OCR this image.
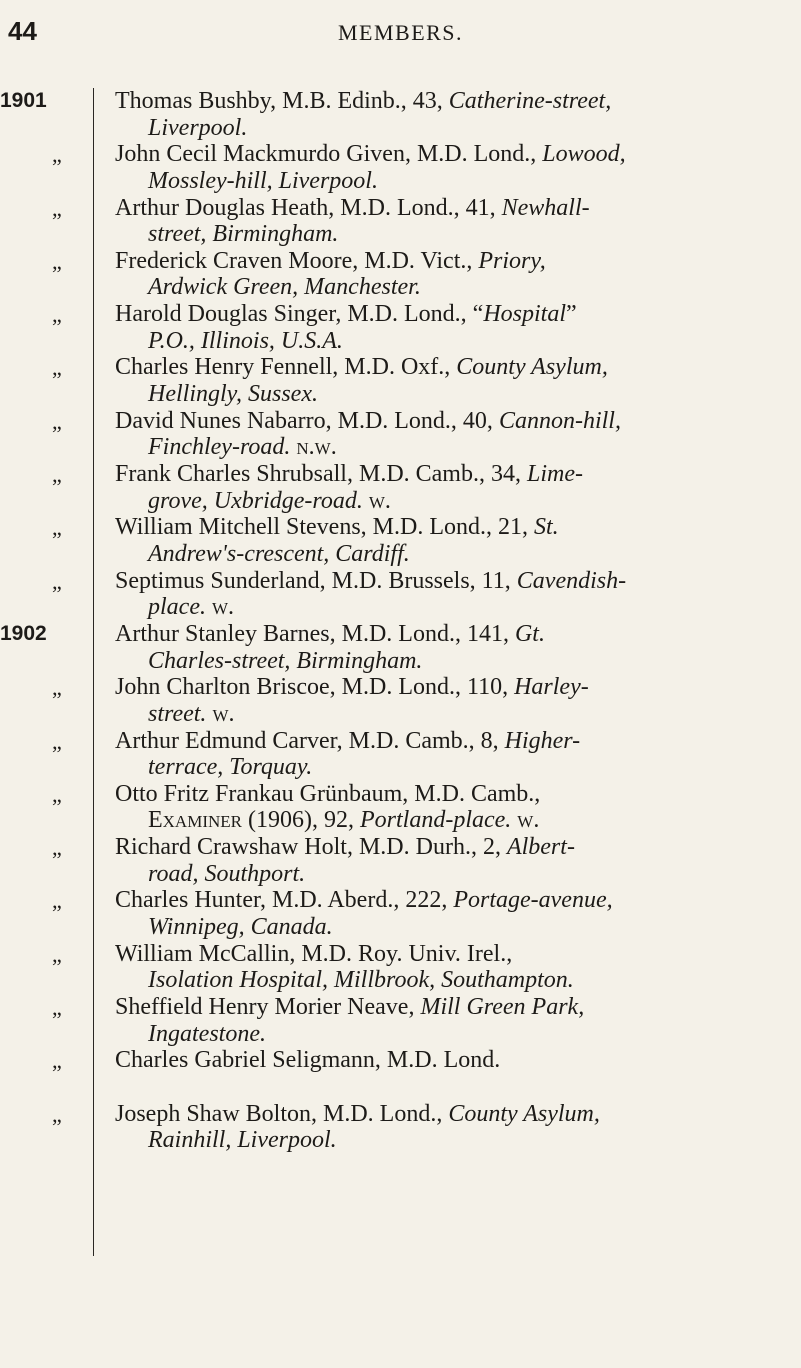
44	MEMBERS.
1901	Thomas Bushby, M.B. Edinb., 43, Catherine-street,
Liverpool.
„	John Cecil Mackmurdo Given, M.D. Lond., Lowood,
Mossley-hill, Liverpool.
„	Arthur Douglas Heath, M.D. Lond., 41, Newhall-
street, Birmingham.
„	Frederick Craven Moore, M.D. Vict., Priory,
Ardwick Green, Manchester.
„	Harold Douglas Singer, M.D. Lond., “Hospital”
P.O., Illinois, U.S.A.
„	Charles Henry Fennell, M.D. Oxf., County Asylum,
Hellingly, Sussex.
„	David Nunes Nabarro, M.D. Lond., 40, Cannon-hill,
Finchley-road. n.w.
„	Frank Charles Shrubsall, M.D. Camb., 34, Lime-
grove, Uxbridge-road. w.
„	William Mitchell Stevens, M.D. Lond., 21, St.
Andrew's-crescent, Cardiff.
„	Septimus Sunderland, M.D. Brussels, 11, Cavendish-
place. w.
1902	Arthur Stanley Barnes, M.D. Lond., 141, Gt.
Charles-street, Birmingham.
„	John Charlton Briscoe, M.D. Lond., 110, Harley-
street. w.
„	Arthur Edmund Carver, M.D. Camb., 8, Higher-
terrace, Torquay.
„	Otto Fritz Frankau Grünbaum, M.D. Camb.,
Examiner (1906), 92, Portland-place. w.
„	Richard Crawshaw Holt, M.D. Durh., 2, Albert-
road, Southport.
„	Charles Hunter, M.D. Aberd., 222, Portage-avenue,
Winnipeg, Canada.
„	William McCallin, M.D. Roy. Univ. Irel.,
Isolation Hospital, Millbrook, Southampton.
„	Sheffield Henry Morier Neave, Mill Green Park,
Ingatestone.
„	Charles Gabriel Seligmann, M.D. Lond.
„	Joseph Shaw Bolton, M.D. Lond., County Asylum,
Rainhill, Liverpool.
